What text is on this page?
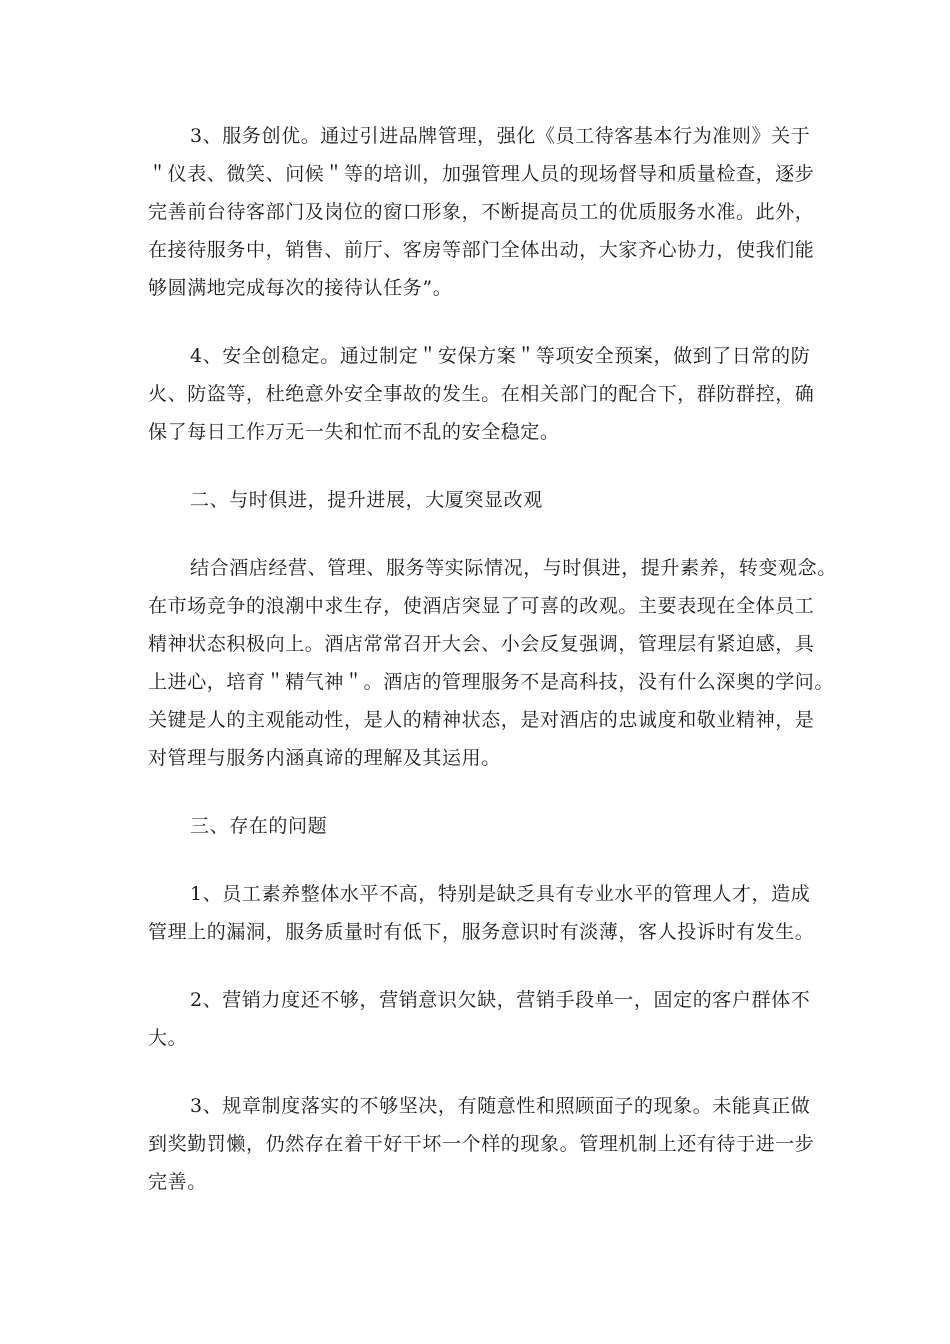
3、服务创优。通过引进品牌管理，强化《员工待客基本行为准则》关于
＂仪表、微笑、问候＂等的培训，加强管理人员的现场督导和质量检查，逐步
完善前台待客部门及岗位的窗口形象，不断提高员工的优质服务水准。此外，
在接待服务中，销售、前厅、客房等部门全体出动，大家齐心协力，使我们能
够圆满地完成每次的接待认任务”。
4、安全创稳定。通过制定＂安保方案＂等项安全预案，做到了日常的防
火、防盗等，杜绝意外安全事故的发生。在相关部门的配合下，群防群控，确
保了每日工作万无一失和忙而不乱的安全稳定。
二、与时俱进，提升进展，大厦突显改观
结合酒店经营、管理、服务等实际情况，与时俱进，提升素养，转变观念。
在市场竞争的浪潮中求生存，使酒店突显了可喜的改观。主要表现在全体员工
精神状态积极向上。酒店常常召开大会、小会反复强调，管理层有紧迫感，具
上进心，培育＂精气神＂。酒店的管理服务不是高科技，没有什么深奥的学问。
关键是人的主观能动性，是人的精神状态，是对酒店的忠诚度和敬业精神，是
对管理与服务内涵真谛的理解及其运用。
三、存在的问题
1、员工素养整体水平不高，特别是缺乏具有专业水平的管理人才，造成
管理上的漏洞，服务质量时有低下，服务意识时有淡薄，客人投诉时有发生。
2、营销力度还不够，营销意识欠缺，营销手段单一，固定的客户群体不
大。
3、规章制度落实的不够坚决，有随意性和照顾面子的现象。未能真正做
到奖勤罚懒，仍然存在着干好干坏一个样的现象。管理机制上还有待于进一步
完善。
